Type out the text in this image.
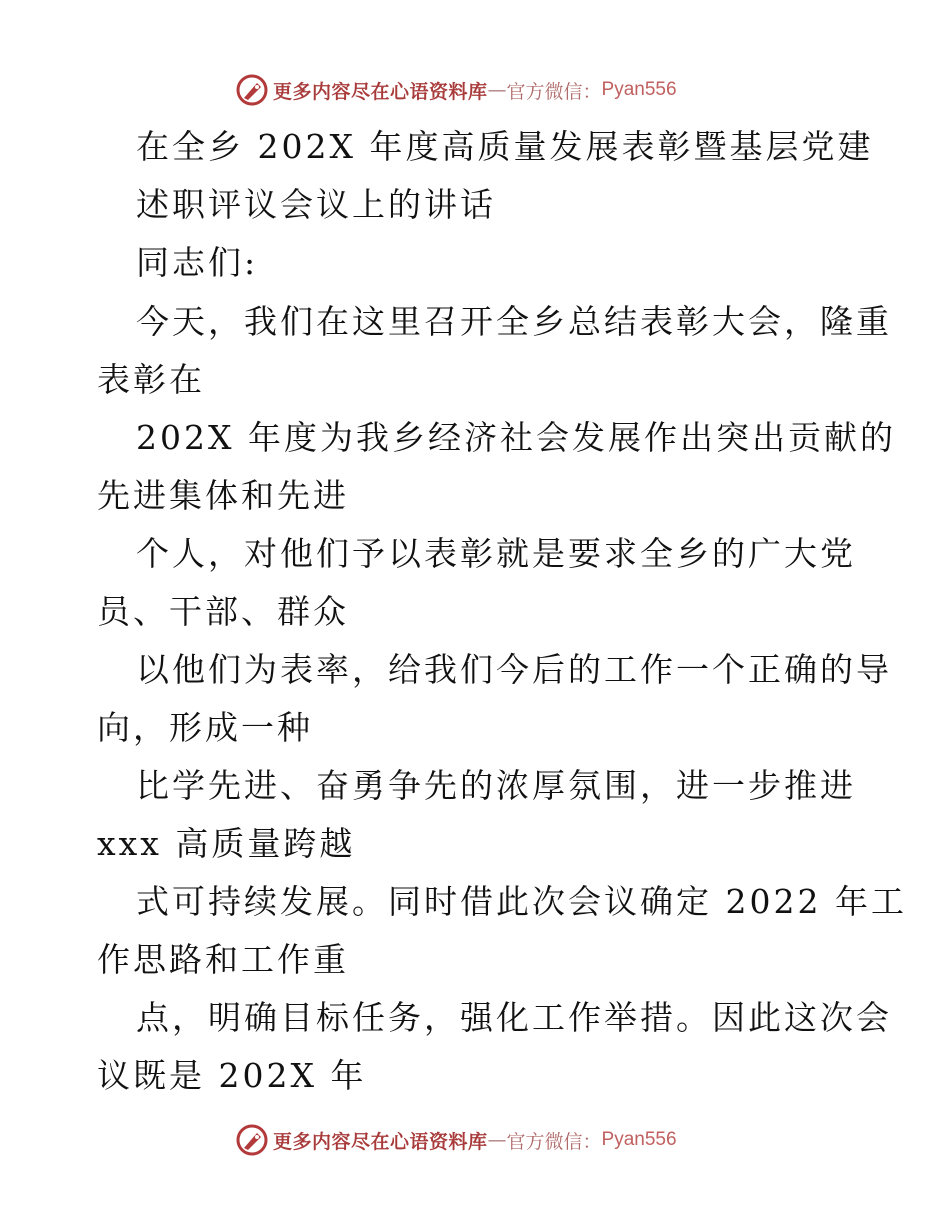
更多内容尽在心语资料库 — 官方微信： Pyan556
在全乡 202X 年度高质量发展表彰暨基层党建
述职评议会议上的讲话
同志们:
今天，我们在这里召开全乡总结表彰大会，隆重
表彰在
202X 年度为我乡经济社会发展作出突出贡献的
先进集体和先进
个人，对他们予以表彰就是要求全乡的广大党
员、干部、群众
以他们为表率，给我们今后的工作一个正确的导
向，形成一种
比学先进、奋勇争先的浓厚氛围，进一步推进
xxx 高质量跨越
式可持续发展。同时借此次会议确定 2022 年工
作思路和工作重
点，明确目标任务，强化工作举措。因此这次会
议既是 202X 年
更多内容尽在心语资料库 — 官方微信： Pyan556
